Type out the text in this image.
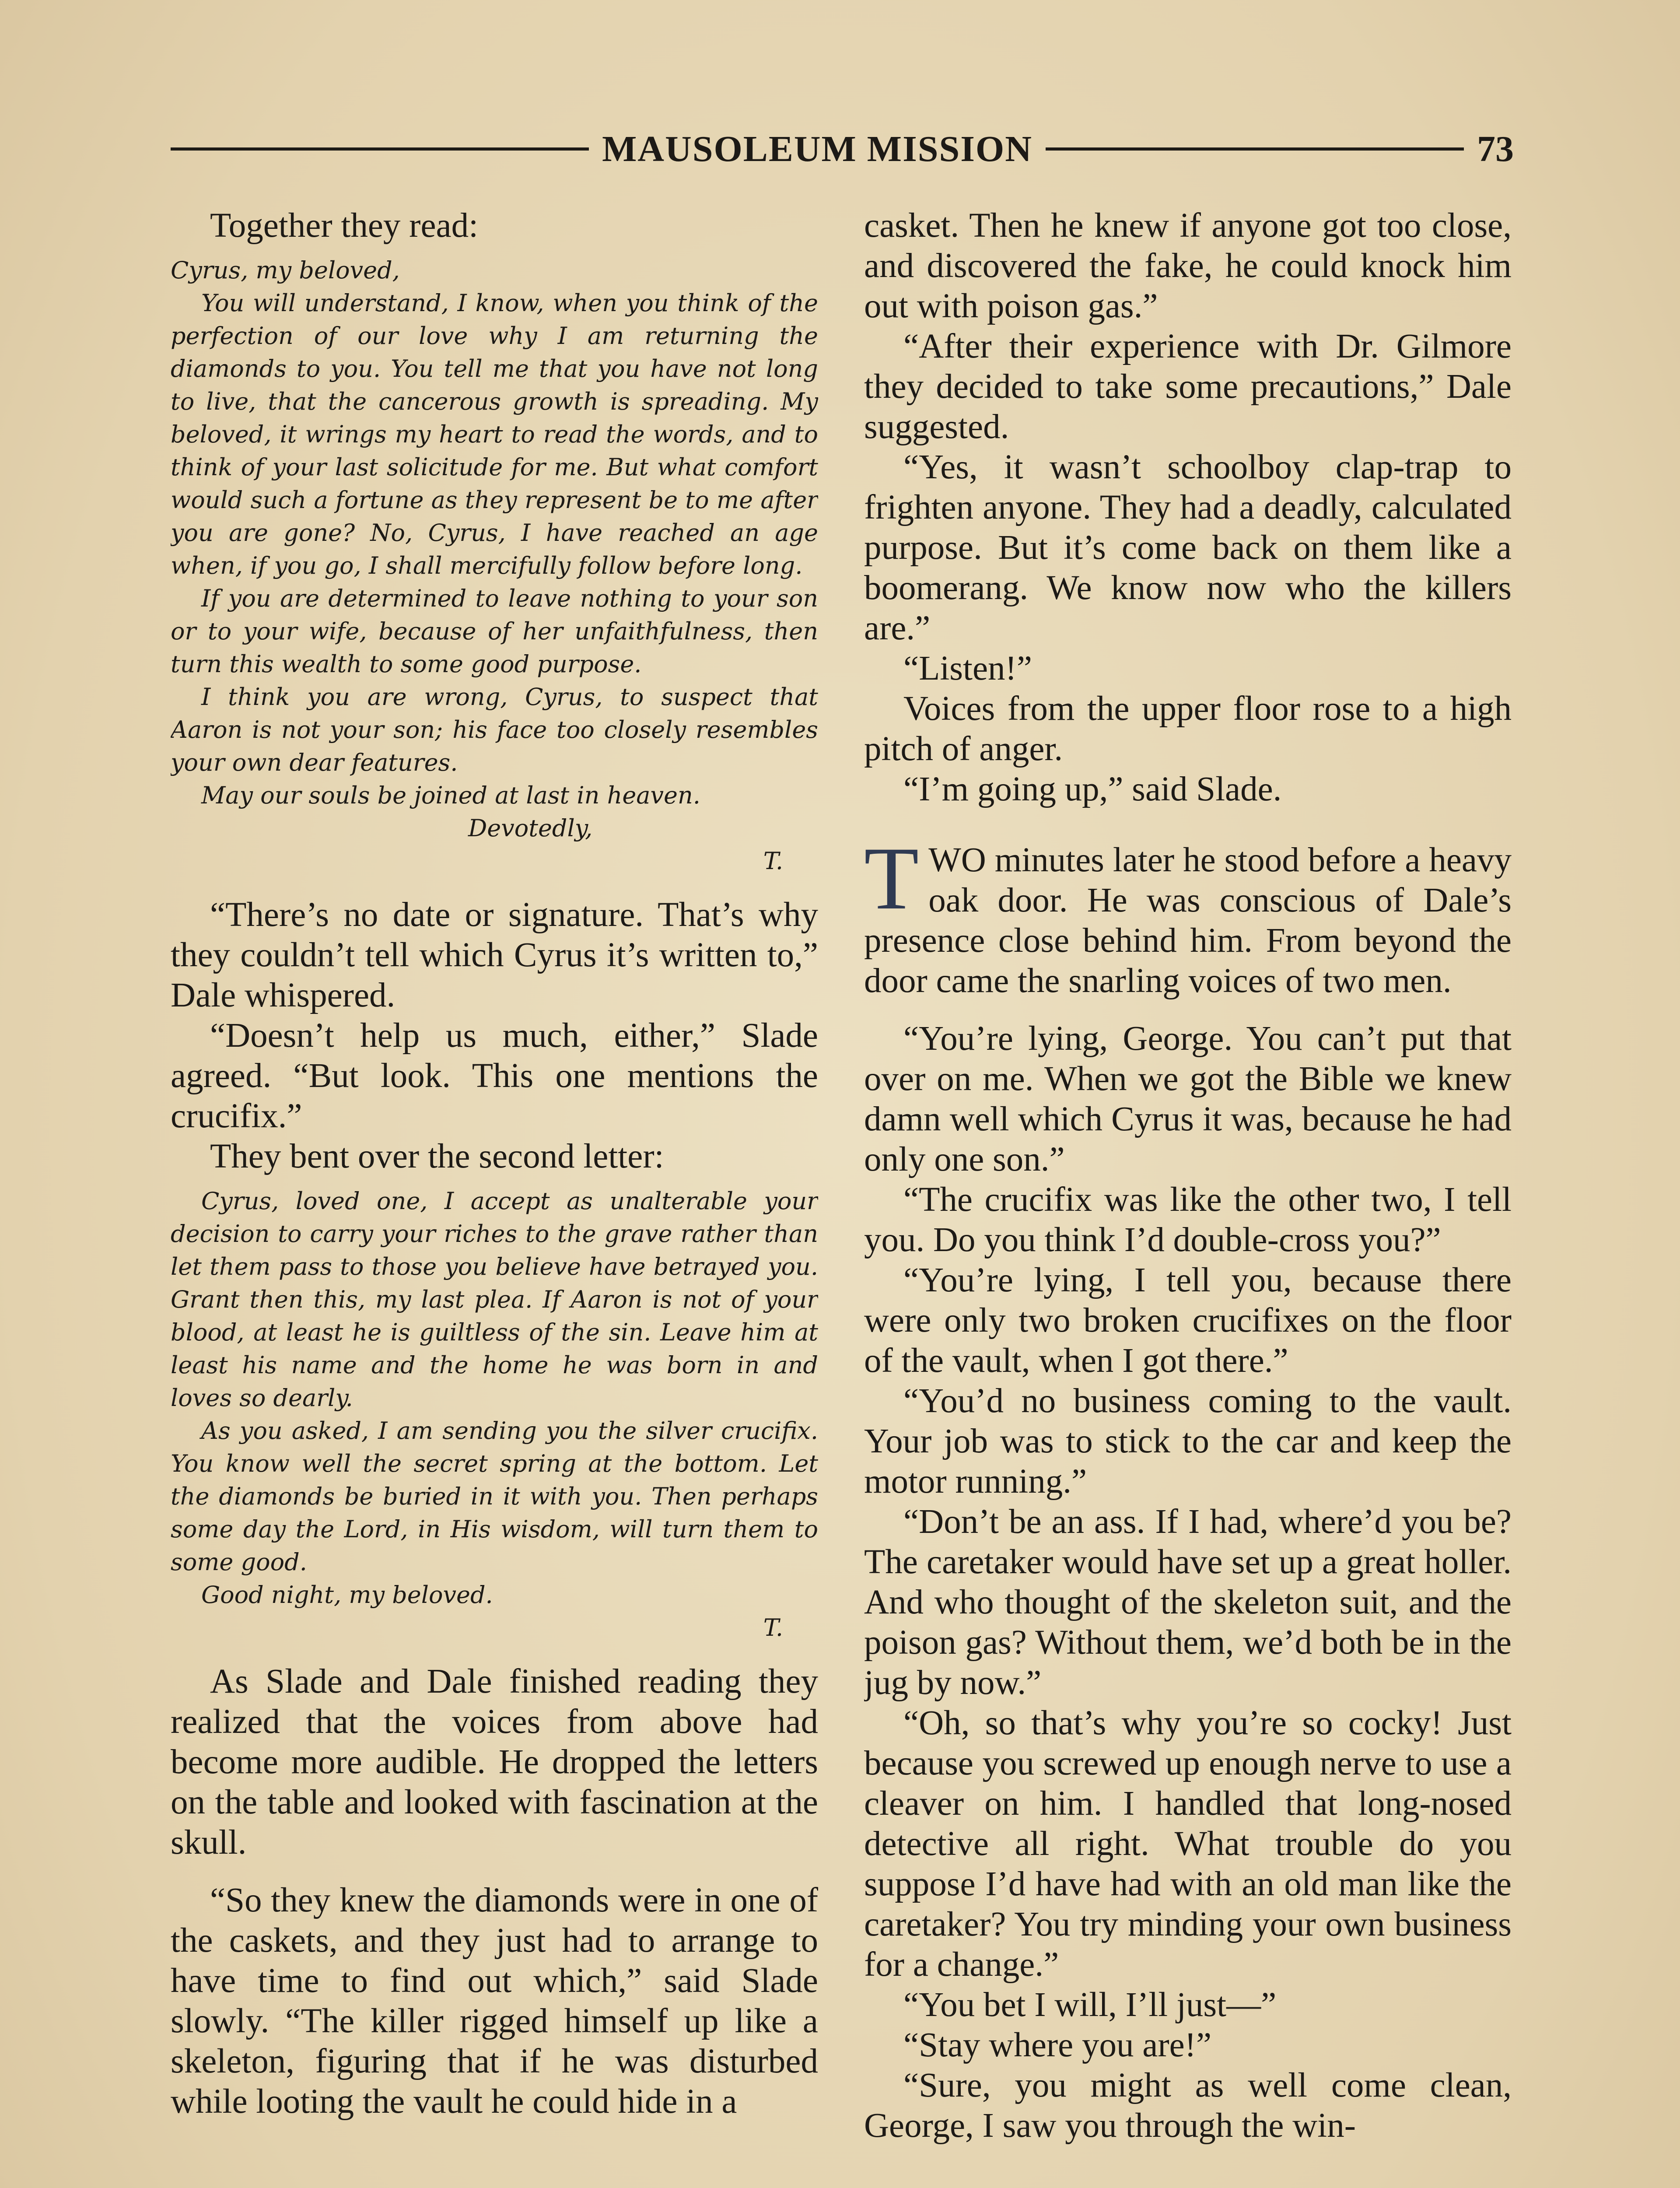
MAUSOLEUM MISSION	73

Together they read:

Cyrus, my beloved,

You will understand, I know, when you think of the perfection of our love why I am returning the diamonds to you. You tell me that you have not long to live, that the cancerous growth is spreading. My beloved, it wrings my heart to read the words, and to think of your last solicitude for me. But what comfort would such a fortune as they represent be to me after you are gone? No, Cyrus, I have reached an age when, if you go, I shall mercifully follow before long.

If you are determined to leave nothing to your son or to your wife, because of her unfaithfulness, then turn this wealth to some good purpose.

I think you are wrong, Cyrus, to suspect that Aaron is not your son; his face too closely resembles your own dear features.

May our souls be joined at last in heaven.

Devotedly,

T.

“There’s no date or signature. That’s why they couldn’t tell which Cyrus it’s written to,” Dale whispered.

“Doesn’t help us much, either,” Slade agreed. “But look. This one mentions the crucifix.”

They bent over the second letter:

Cyrus, loved one, I accept as unalterable your decision to carry your riches to the grave rather than let them pass to those you believe have betrayed you. Grant then this, my last plea. If Aaron is not of your blood, at least he is guiltless of the sin. Leave him at least his name and the home he was born in and loves so dearly.

As you asked, I am sending you the silver crucifix. You know well the secret spring at the bottom. Let the diamonds be buried in it with you. Then perhaps some day the Lord, in His wisdom, will turn them to some good.

Good night, my beloved.

T.

As Slade and Dale finished reading they realized that the voices from above had become more audible. He dropped the letters on the table and looked with fascination at the skull.

“So they knew the diamonds were in one of the caskets, and they just had to arrange to have time to find out which,” said Slade slowly. “The killer rigged himself up like a skeleton, figuring that if he was disturbed while looting the vault he could hide in a

casket. Then he knew if anyone got too close, and discovered the fake, he could knock him out with poison gas.”

“After their experience with Dr. Gilmore they decided to take some precautions,” Dale suggested.

“Yes, it wasn’t schoolboy clap-trap to frighten anyone. They had a deadly, calculated purpose. But it’s come back on them like a boomerang. We know now who the killers are.”

“Listen!”

Voices from the upper floor rose to a high pitch of anger.

“I’m going up,” said Slade.

T WO minutes later he stood before a heavy oak door. He was conscious of Dale’s presence close behind him. From beyond the door came the snarling voices of two men.

“You’re lying, George. You can’t put that over on me. When we got the Bible we knew damn well which Cyrus it was, because he had only one son.”

“The crucifix was like the other two, I tell you. Do you think I’d double-cross you?”

“You’re lying, I tell you, because there were only two broken crucifixes on the floor of the vault, when I got there.”

“You’d no business coming to the vault. Your job was to stick to the car and keep the motor running.”

“Don’t be an ass. If I had, where’d you be? The caretaker would have set up a great holler. And who thought of the skeleton suit, and the poison gas? Without them, we’d both be in the jug by now.”

“Oh, so that’s why you’re so cocky! Just because you screwed up enough nerve to use a cleaver on him. I handled that long-nosed detective all right. What trouble do you suppose I’d have had with an old man like the caretaker? You try minding your own business for a change.”

“You bet I will, I’ll just—”

“Stay where you are!”

“Sure, you might as well come clean, George, I saw you through the win-
